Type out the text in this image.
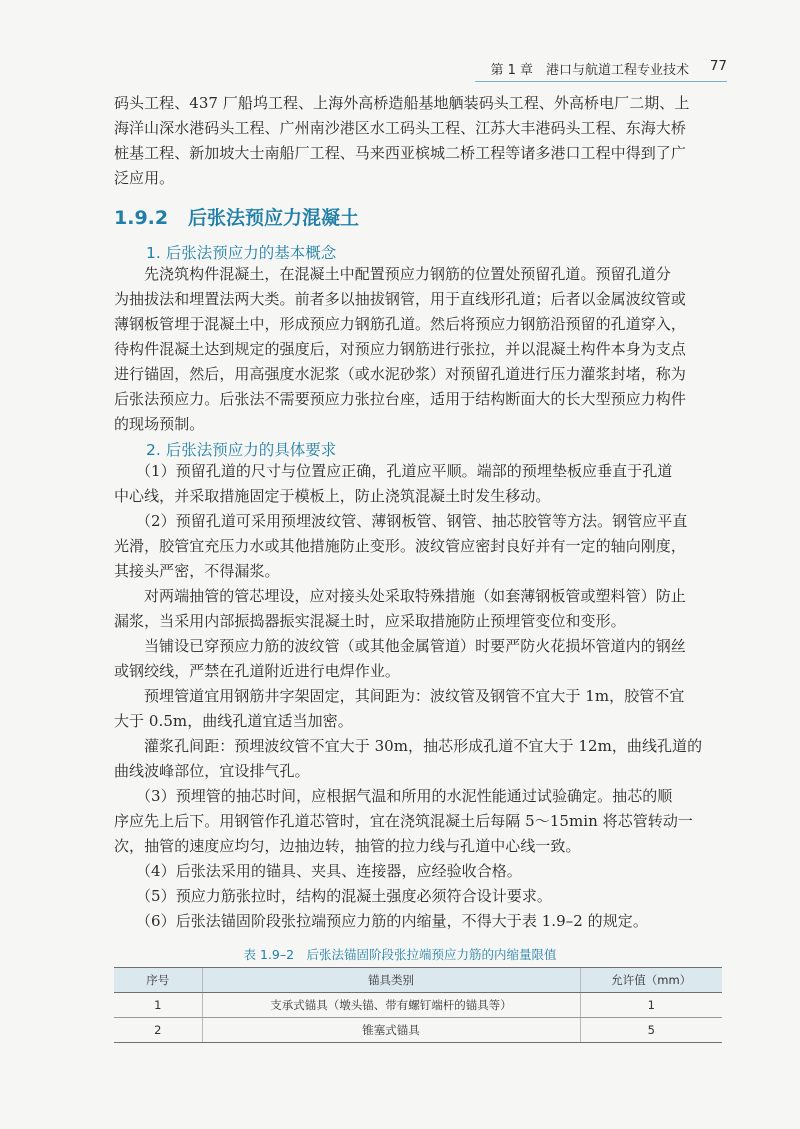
第 1 章　港口与航道工程专业技术 77
码头工程、437 厂船坞工程、上海外高桥造船基地舾装码头工程、外高桥电厂二期、上
海洋山深水港码头工程、广州南沙港区水工码头工程、江苏大丰港码头工程、东海大桥
桩基工程、新加坡大士南船厂工程、马来西亚槟城二桥工程等诸多港口工程中得到了广
泛应用。
1.9.2 后张法预应力混凝土
1. 后张法预应力的基本概念
先浇筑构件混凝土，在混凝土中配置预应力钢筋的位置处预留孔道。预留孔道分
为抽拔法和埋置法两大类。前者多以抽拔钢管，用于直线形孔道；后者以金属波纹管或
薄钢板管埋于混凝土中，形成预应力钢筋孔道。然后将预应力钢筋沿预留的孔道穿入，
待构件混凝土达到规定的强度后，对预应力钢筋进行张拉，并以混凝土构件本身为支点
进行锚固，然后，用高强度水泥浆（或水泥砂浆）对预留孔道进行压力灌浆封堵，称为
后张法预应力。后张法不需要预应力张拉台座，适用于结构断面大的长大型预应力构件
的现场预制。
2. 后张法预应力的具体要求
（1）预留孔道的尺寸与位置应正确，孔道应平顺。端部的预埋垫板应垂直于孔道
中心线，并采取措施固定于模板上，防止浇筑混凝土时发生移动。
（2）预留孔道可采用预埋波纹管、薄钢板管、钢管、抽芯胶管等方法。钢管应平直
光滑，胶管宜充压力水或其他措施防止变形。波纹管应密封良好并有一定的轴向刚度，
其接头严密，不得漏浆。
对两端抽管的管芯埋设，应对接头处采取特殊措施（如套薄钢板管或塑料管）防止
漏浆，当采用内部振捣器振实混凝土时，应采取措施防止预埋管变位和变形。
当铺设已穿预应力筋的波纹管（或其他金属管道）时要严防火花损坏管道内的钢丝
或钢绞线，严禁在孔道附近进行电焊作业。
预埋管道宜用钢筋井字架固定，其间距为：波纹管及钢管不宜大于 1m，胶管不宜
大于 0.5m，曲线孔道宜适当加密。
灌浆孔间距：预埋波纹管不宜大于 30m，抽芯形成孔道不宜大于 12m，曲线孔道的
曲线波峰部位，宜设排气孔。
（3）预埋管的抽芯时间，应根据气温和所用的水泥性能通过试验确定。抽芯的顺
序应先上后下。用钢管作孔道芯管时，宜在浇筑混凝土后每隔 5～15min 将芯管转动一
次，抽管的速度应均匀，边抽边转，抽管的拉力线与孔道中心线一致。
（4）后张法采用的锚具、夹具、连接器，应经验收合格。
（5）预应力筋张拉时，结构的混凝土强度必须符合设计要求。
（6）后张法锚固阶段张拉端预应力筋的内缩量，不得大于表 1.9–2 的规定。
表 1.9–2　后张法锚固阶段张拉端预应力筋的内缩量限值
序号	锚具类别	允许值（mm）
1	支承式锚具（墩头锚、带有螺钉端杆的锚具等）	1
2	锥塞式锚具	5
